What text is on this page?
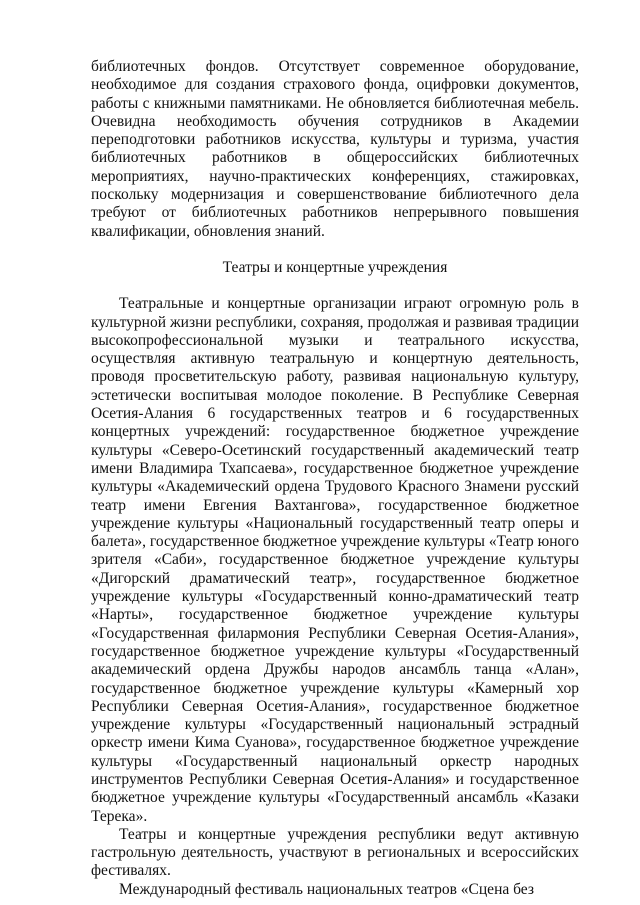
библиотечных фондов. Отсутствует современное оборудование, необходимое для создания страхового фонда, оцифровки документов, работы с книжными памятниками. Не обновляется библиотечная мебель. Очевидна необходимость обучения сотрудников в Академии переподготовки работников искусства, культуры и туризма, участия библиотечных работников в общероссийских библиотечных мероприятиях, научно-практических конференциях, стажировках, поскольку модернизация и совершенствование библиотечного дела требуют от библиотечных работников непрерывного повышения квалификации, обновления знаний.

Театры и концертные учреждения

Театральные и концертные организации играют огромную роль в культурной жизни республики, сохраняя, продолжая и развивая традиции высокопрофессиональной музыки и театрального искусства, осуществляя активную театральную и концертную деятельность, проводя просветительскую работу, развивая национальную культуру, эстетически воспитывая молодое поколение. В Республике Северная Осетия-Алания 6 государственных театров и 6 государственных концертных учреждений: государственное бюджетное учреждение культуры «Северо-Осетинский государственный академический театр имени Владимира Тхапсаева», государственное бюджетное учреждение культуры «Академический ордена Трудового Красного Знамени русский театр имени Евгения Вахтангова», государственное бюджетное учреждение культуры «Национальный государственный театр оперы и балета», государственное бюджетное учреждение культуры «Театр юного зрителя «Саби», государственное бюджетное учреждение культуры «Дигорский драматический театр», государственное бюджетное учреждение культуры «Государственный конно-драматический театр «Нарты», государственное бюджетное учреждение культуры «Государственная филармония Республики Северная Осетия-Алания», государственное бюджетное учреждение культуры «Государственный академический ордена Дружбы народов ансамбль танца «Алан», государственное бюджетное учреждение культуры «Камерный хор Республики Северная Осетия-Алания», государственное бюджетное учреждение культуры «Государственный национальный эстрадный оркестр имени Кима Суанова», государственное бюджетное учреждение культуры «Государственный национальный оркестр народных инструментов Республики Северная Осетия-Алания» и государственное бюджетное учреждение культуры «Государственный ансамбль «Казаки Терека».

Театры и концертные учреждения республики ведут активную гастрольную деятельность, участвуют в региональных и всероссийских фестивалях.

Международный фестиваль национальных театров «Сцена без
